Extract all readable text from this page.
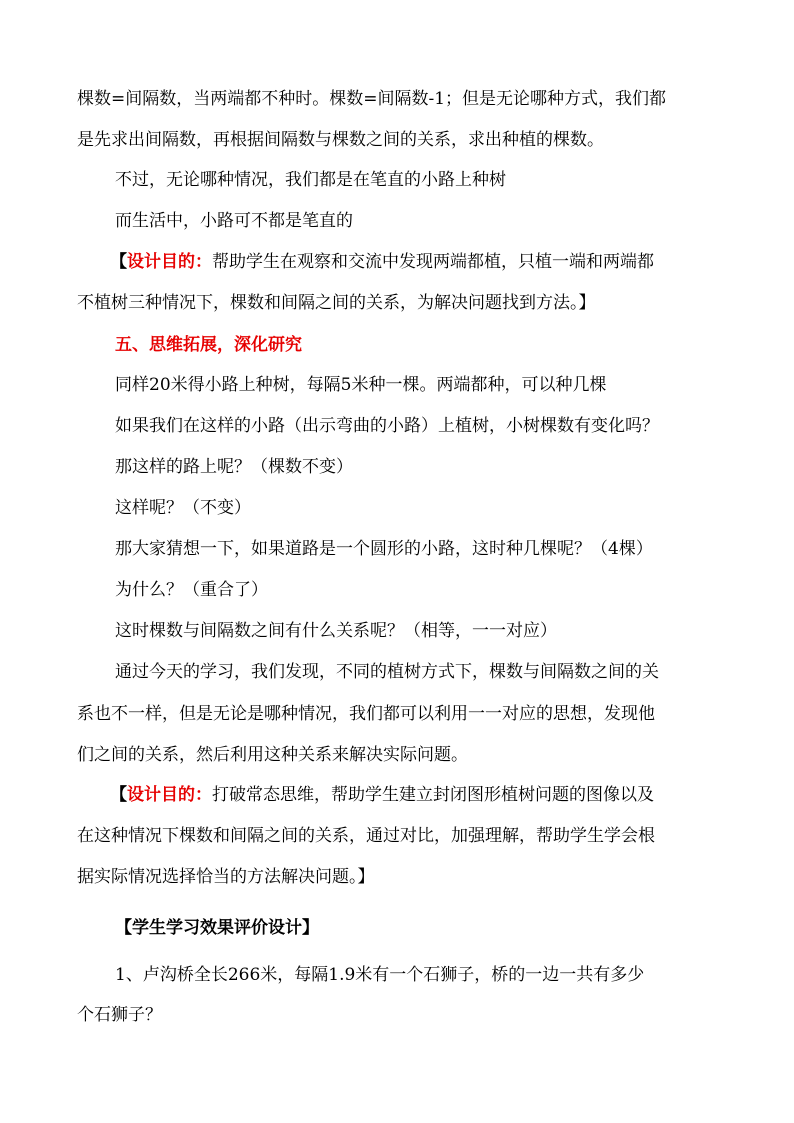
棵数=间隔数，当两端都不种时。棵数=间隔数-1；但是无论哪种方式，我们都
是先求出间隔数，再根据间隔数与棵数之间的关系，求出种植的棵数。
不过，无论哪种情况，我们都是在笔直的小路上种树
而生活中，小路可不都是笔直的
【设计目的：帮助学生在观察和交流中发现两端都植，只植一端和两端都
不植树三种情况下，棵数和间隔之间的关系，为解决问题找到方法。】
五、思维拓展，深化研究
同样20米得小路上种树，每隔5米种一棵。两端都种，可以种几棵
如果我们在这样的小路（出示弯曲的小路）上植树，小树棵数有变化吗？
那这样的路上呢？（棵数不变）
这样呢？（不变）
那大家猜想一下，如果道路是一个圆形的小路，这时种几棵呢？（4棵）
为什么？（重合了）
这时棵数与间隔数之间有什么关系呢？（相等，一一对应）
通过今天的学习，我们发现，不同的植树方式下，棵数与间隔数之间的关
系也不一样，但是无论是哪种情况，我们都可以利用一一对应的思想，发现他
们之间的关系，然后利用这种关系来解决实际问题。
【设计目的：打破常态思维，帮助学生建立封闭图形植树问题的图像以及
在这种情况下棵数和间隔之间的关系，通过对比，加强理解，帮助学生学会根
据实际情况选择恰当的方法解决问题。】
【学生学习效果评价设计】
1、卢沟桥全长266米，每隔1.9米有一个石狮子，桥的一边一共有多少
个石狮子？
